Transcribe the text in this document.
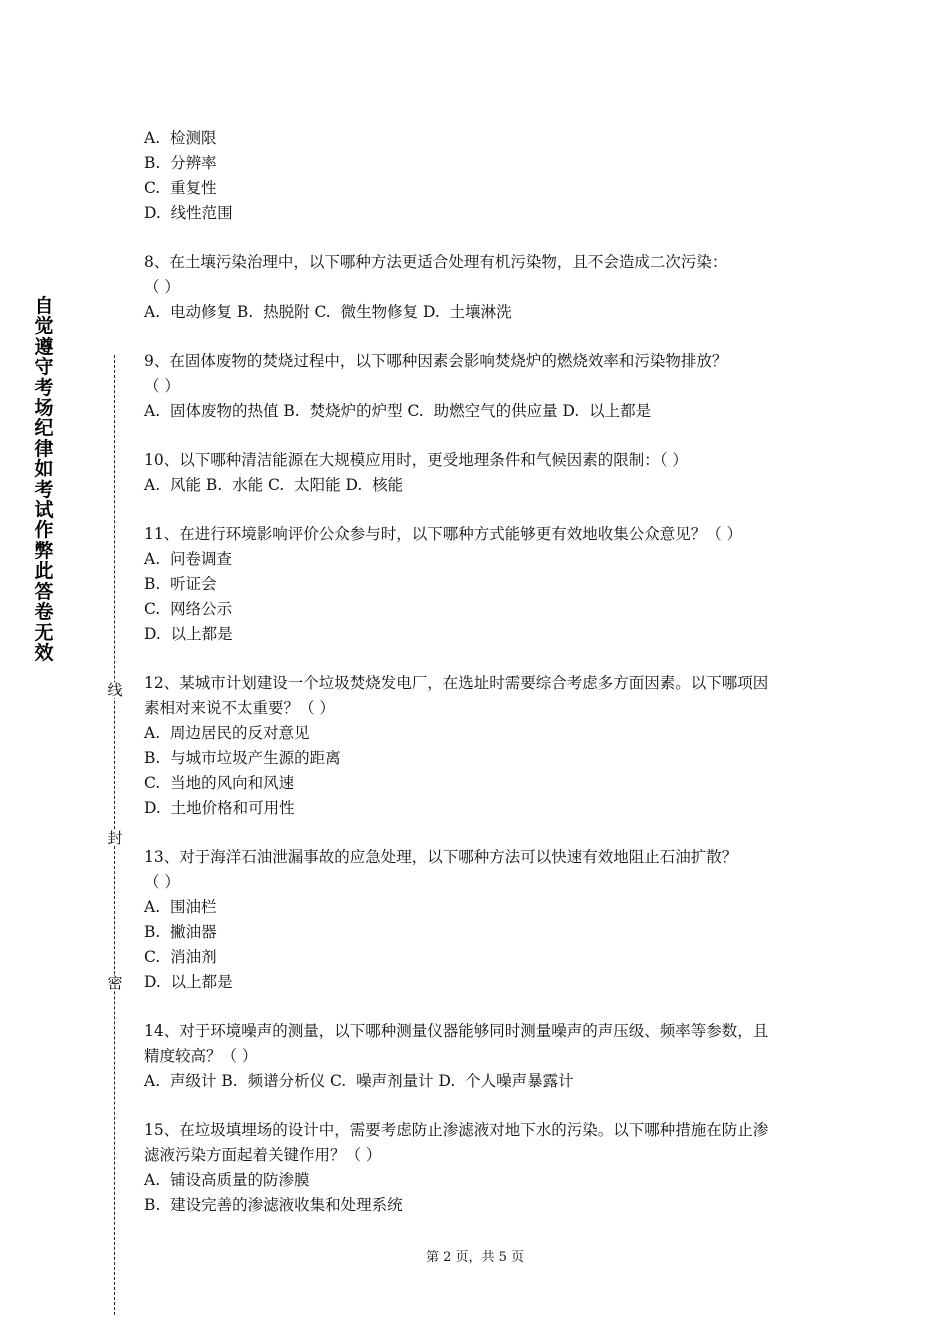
自
觉
遵
守
考
场
纪
律
如
考
试
作
弊
此
答
卷
无
效
线
封
密
A.  检测限
B.  分辨率
C.  重复性
D.  线性范围
8、在土壤污染治理中，以下哪种方法更适合处理有机污染物，且不会造成二次污染：
（ ）
A.  电动修复 B.  热脱附 C.  微生物修复 D.  土壤淋洗
9、在固体废物的焚烧过程中，以下哪种因素会影响焚烧炉的燃烧效率和污染物排放？
（ ）
A.  固体废物的热值 B.  焚烧炉的炉型 C.  助燃空气的供应量 D.  以上都是
10、以下哪种清洁能源在大规模应用时，更受地理条件和气候因素的限制：（ ）
A.  风能 B.  水能 C.  太阳能 D.  核能
11、在进行环境影响评价公众参与时，以下哪种方式能够更有效地收集公众意见？（ ）
A.  问卷调查
B.  听证会
C.  网络公示
D.  以上都是
12、某城市计划建设一个垃圾焚烧发电厂，在选址时需要综合考虑多方面因素。以下哪项因
素相对来说不太重要？（ ）
A.  周边居民的反对意见
B.  与城市垃圾产生源的距离
C.  当地的风向和风速
D.  土地价格和可用性
13、对于海洋石油泄漏事故的应急处理，以下哪种方法可以快速有效地阻止石油扩散？
（ ）
A.  围油栏
B.  撇油器
C.  消油剂
D.  以上都是
14、对于环境噪声的测量，以下哪种测量仪器能够同时测量噪声的声压级、频率等参数，且
精度较高？（ ）
A.  声级计 B.  频谱分析仪 C.  噪声剂量计 D.  个人噪声暴露计
15、在垃圾填埋场的设计中，需要考虑防止渗滤液对地下水的污染。以下哪种措施在防止渗
滤液污染方面起着关键作用？（ ）
A.  铺设高质量的防渗膜
B.  建设完善的渗滤液收集和处理系统
第 2 页，共 5 页
